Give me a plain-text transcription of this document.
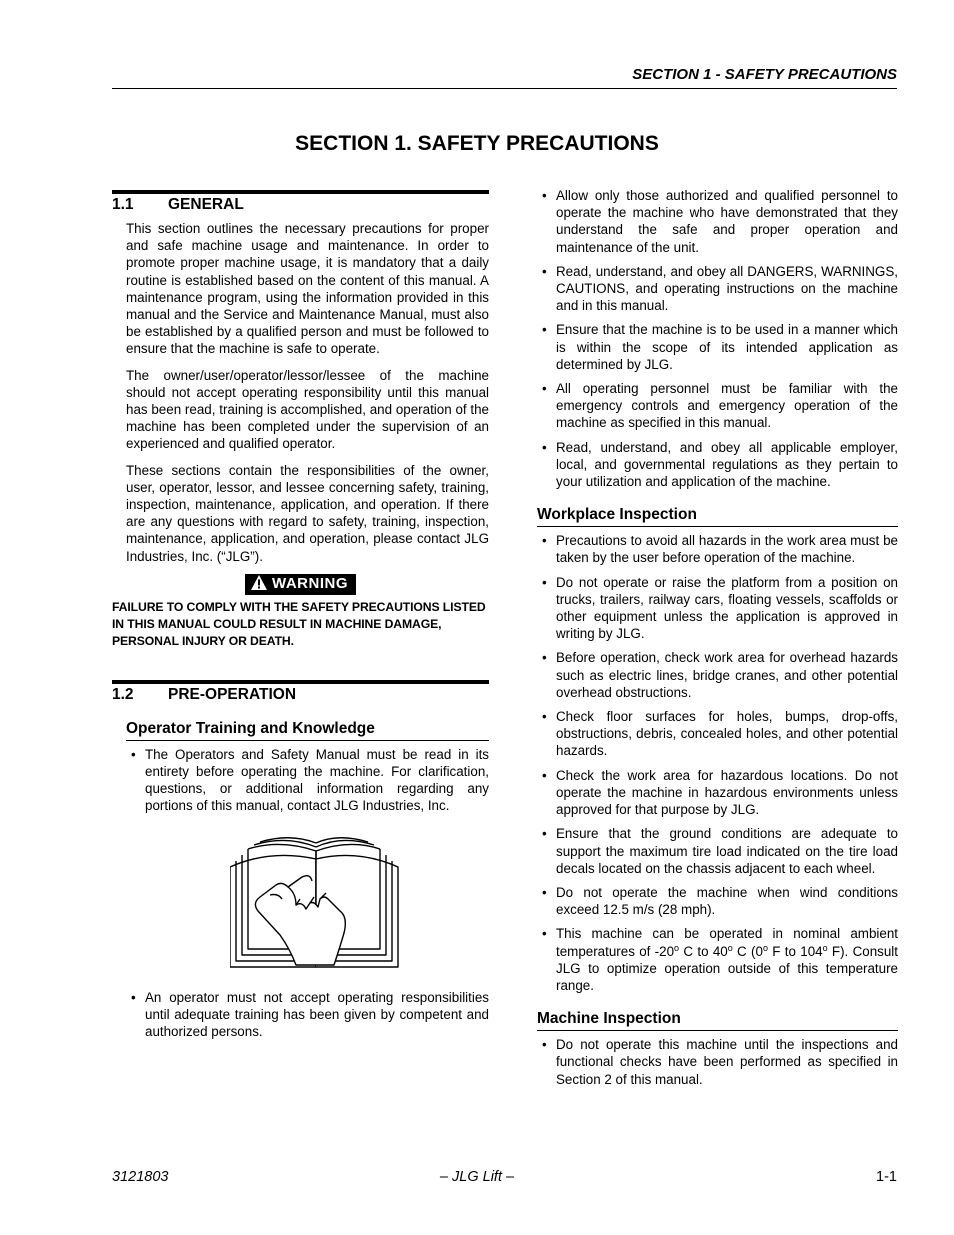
SECTION 1 - SAFETY PRECAUTIONS
SECTION 1. SAFETY PRECAUTIONS
1.1 GENERAL

This section outlines the necessary precautions for proper and safe machine usage and maintenance. In order to promote proper machine usage, it is mandatory that a daily routine is established based on the content of this manual. A maintenance program, using the information provided in this manual and the Service and Maintenance Manual, must also be established by a qualified person and must be followed to ensure that the machine is safe to operate.

The owner/user/operator/lessor/lessee of the machine should not accept operating responsibility until this manual has been read, training is accomplished, and operation of the machine has been completed under the supervision of an experienced and qualified operator.

These sections contain the responsibilities of the owner, user, operator, lessor, and lessee concerning safety, training, inspection, maintenance, application, and operation. If there are any questions with regard to safety, training, inspection, maintenance, application, and operation, please contact JLG Industries, Inc. (“JLG”).

WARNING

FAILURE TO COMPLY WITH THE SAFETY PRECAUTIONS LISTED IN THIS MANUAL COULD RESULT IN MACHINE DAMAGE, PERSONAL INJURY OR DEATH.

1.2 PRE-OPERATION
Operator Training and Knowledge
• The Operators and Safety Manual must be read in its entirety before operating the machine. For clarification, questions, or additional information regarding any portions of this manual, contact JLG Industries, Inc.
• An operator must not accept operating responsibilities until adequate training has been given by competent and authorized persons.
• Allow only those authorized and qualified personnel to operate the machine who have demonstrated that they understand the safe and proper operation and maintenance of the unit.
• Read, understand, and obey all DANGERS, WARNINGS, CAUTIONS, and operating instructions on the machine and in this manual.
• Ensure that the machine is to be used in a manner which is within the scope of its intended application as determined by JLG.
• All operating personnel must be familiar with the emergency controls and emergency operation of the machine as specified in this manual.
• Read, understand, and obey all applicable employer, local, and governmental regulations as they pertain to your utilization and application of the machine.
Workplace Inspection
• Precautions to avoid all hazards in the work area must be taken by the user before operation of the machine.
• Do not operate or raise the platform from a position on trucks, trailers, railway cars, floating vessels, scaffolds or other equipment unless the application is approved in writing by JLG.
• Before operation, check work area for overhead hazards such as electric lines, bridge cranes, and other potential overhead obstructions.
• Check floor surfaces for holes, bumps, drop-offs, obstructions, debris, concealed holes, and other potential hazards.
• Check the work area for hazardous locations. Do not operate the machine in hazardous environments unless approved for that purpose by JLG.
• Ensure that the ground conditions are adequate to support the maximum tire load indicated on the tire load decals located on the chassis adjacent to each wheel.
• Do not operate the machine when wind conditions exceed 12.5 m/s (28 mph).
• This machine can be operated in nominal ambient temperatures of -20$^o$ C to 40$^o$ C (0$^o$ F to 104$^o$ F). Consult JLG to optimize operation outside of this temperature range.
Machine Inspection
• Do not operate this machine until the inspections and functional checks have been performed as specified in Section 2 of this manual.
3121803	– JLG Lift –	1-1
